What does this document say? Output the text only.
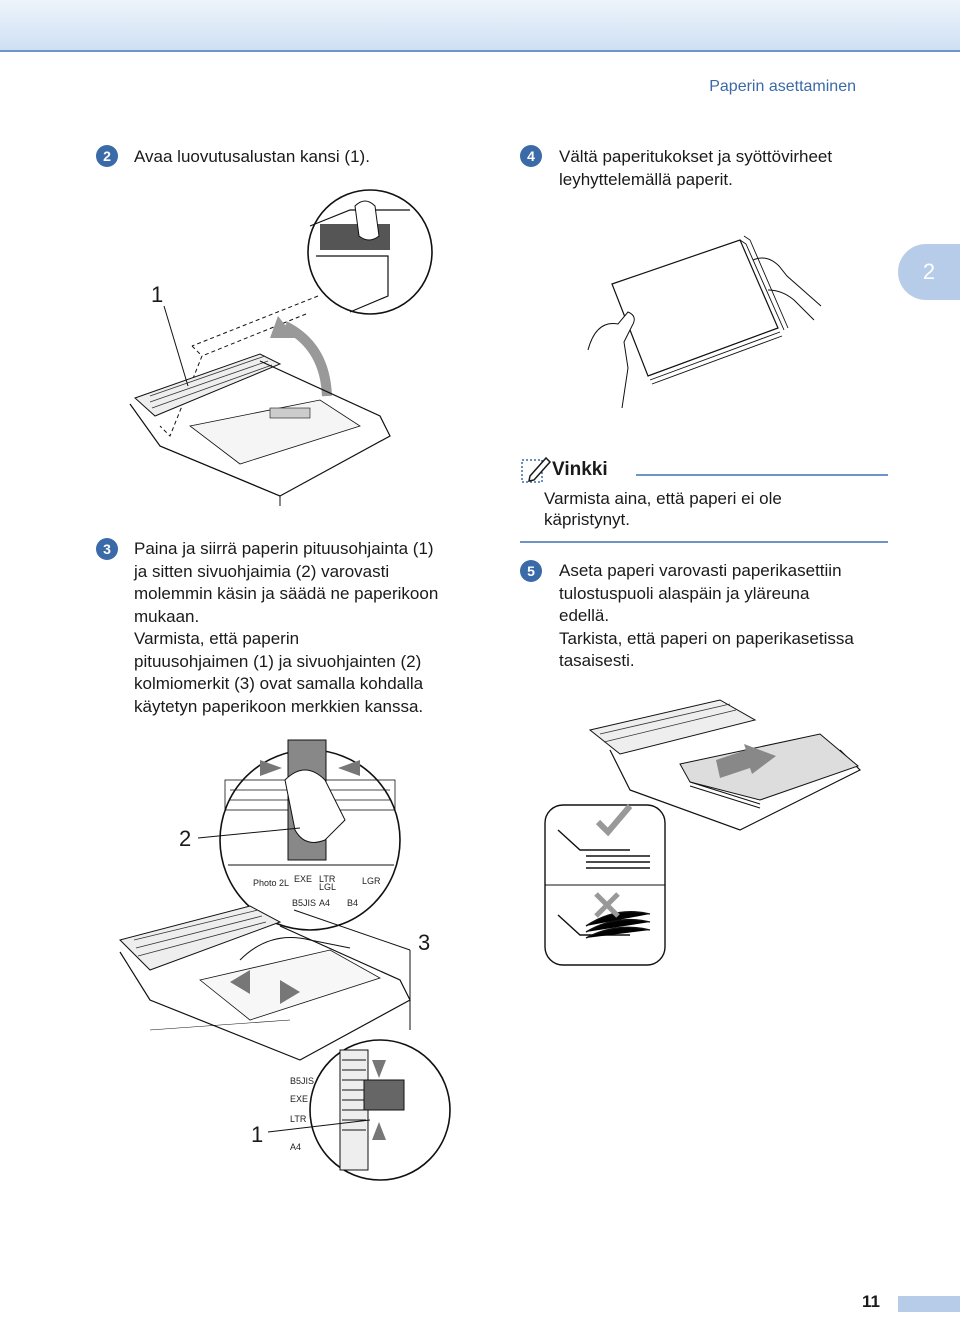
Paperin asettaminen
2
2	Avaa luovutusalustan kansi (1).	4	Vältä paperitukokset ja syöttövirheet
leyhyttelemällä paperit.
1
3	Paina ja siirrä paperin pituusohjainta (1)
ja sitten sivuohjaimia (2) varovasti
molemmin käsin ja säädä ne paperikoon
mukaan.
Varmista, että paperin
pituusohjaimen (1) ja sivuohjainten (2)
kolmiomerkit (3) ovat samalla kohdalla
käytetyn paperikoon merkkien kanssa.
Vinkki
Varmista aina, että paperi ei ole
käpristynyt.
5	Aseta paperi varovasti paperikasettiin
tulostuspuoli alaspäin ja yläreuna
edellä.
Tarkista, että paperi on paperikasetissa
tasaisesti.
Photo 2L EXE LTR
LGL
LGR
B5JIS A4 B4
B5JIS
EXE
LTR
A4
2
3
1
11
